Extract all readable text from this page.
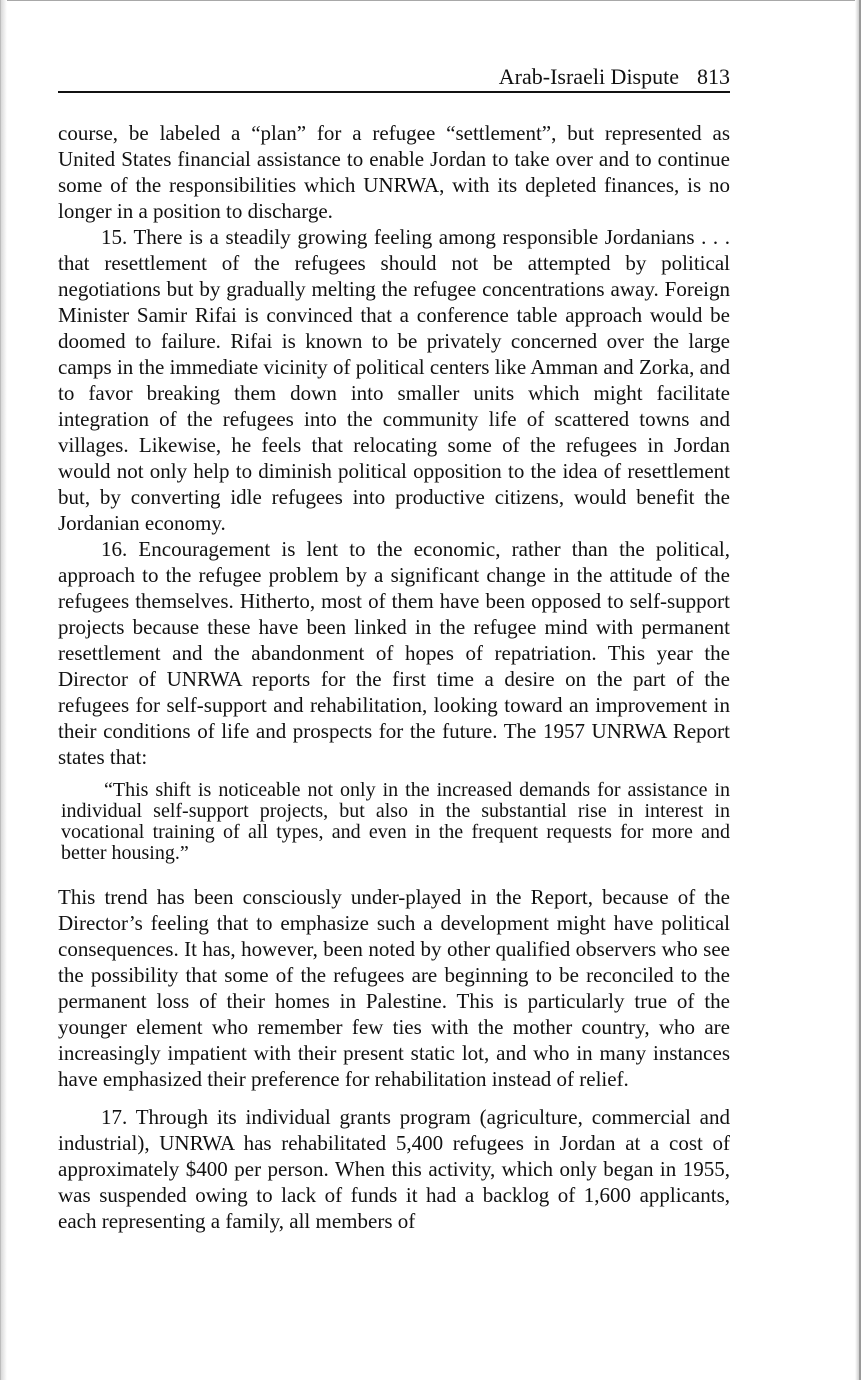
Arab-Israeli Dispute 813

course, be labeled a “plan” for a refugee “settlement”, but represented as United States financial assistance to enable Jordan to take over and to continue some of the responsibilities which UNRWA, with its depleted finances, is no longer in a position to discharge.

15. There is a steadily growing feeling among responsible Jordanians . . . that resettlement of the refugees should not be attempted by political negotiations but by gradually melting the refugee concentrations away. Foreign Minister Samir Rifai is convinced that a conference table approach would be doomed to failure. Rifai is known to be privately concerned over the large camps in the immediate vicinity of political centers like Amman and Zorka, and to favor breaking them down into smaller units which might facilitate integration of the refugees into the community life of scattered towns and villages. Likewise, he feels that relocating some of the refugees in Jordan would not only help to diminish political opposition to the idea of resettlement but, by converting idle refugees into productive citizens, would benefit the Jordanian economy.

16. Encouragement is lent to the economic, rather than the political, approach to the refugee problem by a significant change in the attitude of the refugees themselves. Hitherto, most of them have been opposed to self-support projects because these have been linked in the refugee mind with permanent resettlement and the abandonment of hopes of repatriation. This year the Director of UNRWA reports for the first time a desire on the part of the refugees for self-support and rehabilitation, looking toward an improvement in their conditions of life and prospects for the future. The 1957 UNRWA Report states that:

“This shift is noticeable not only in the increased demands for assistance in individual self-support projects, but also in the substantial rise in interest in vocational training of all types, and even in the frequent requests for more and better housing.”

This trend has been consciously under-played in the Report, because of the Director’s feeling that to emphasize such a development might have political consequences. It has, however, been noted by other qualified observers who see the possibility that some of the refugees are beginning to be reconciled to the permanent loss of their homes in Palestine. This is particularly true of the younger element who remember few ties with the mother country, who are increasingly impatient with their present static lot, and who in many instances have emphasized their preference for rehabilitation instead of relief.

17. Through its individual grants program (agriculture, commercial and industrial), UNRWA has rehabilitated 5,400 refugees in Jordan at a cost of approximately $400 per person. When this activity, which only began in 1955, was suspended owing to lack of funds it had a backlog of 1,600 applicants, each representing a family, all members of
